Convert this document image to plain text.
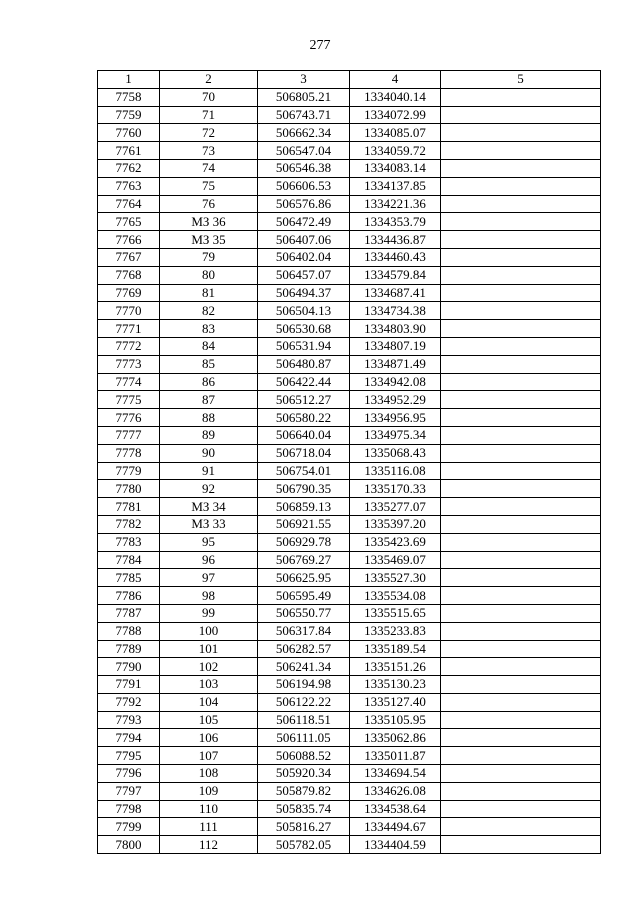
277
1	2	3	4	5
7758	70	506805.21	1334040.14	
7759	71	506743.71	1334072.99	
7760	72	506662.34	1334085.07	
7761	73	506547.04	1334059.72	
7762	74	506546.38	1334083.14	
7763	75	506606.53	1334137.85	
7764	76	506576.86	1334221.36	
7765	МЗ 36	506472.49	1334353.79	
7766	МЗ 35	506407.06	1334436.87	
7767	79	506402.04	1334460.43	
7768	80	506457.07	1334579.84	
7769	81	506494.37	1334687.41	
7770	82	506504.13	1334734.38	
7771	83	506530.68	1334803.90	
7772	84	506531.94	1334807.19	
7773	85	506480.87	1334871.49	
7774	86	506422.44	1334942.08	
7775	87	506512.27	1334952.29	
7776	88	506580.22	1334956.95	
7777	89	506640.04	1334975.34	
7778	90	506718.04	1335068.43	
7779	91	506754.01	1335116.08	
7780	92	506790.35	1335170.33	
7781	МЗ 34	506859.13	1335277.07	
7782	МЗ 33	506921.55	1335397.20	
7783	95	506929.78	1335423.69	
7784	96	506769.27	1335469.07	
7785	97	506625.95	1335527.30	
7786	98	506595.49	1335534.08	
7787	99	506550.77	1335515.65	
7788	100	506317.84	1335233.83	
7789	101	506282.57	1335189.54	
7790	102	506241.34	1335151.26	
7791	103	506194.98	1335130.23	
7792	104	506122.22	1335127.40	
7793	105	506118.51	1335105.95	
7794	106	506111.05	1335062.86	
7795	107	506088.52	1335011.87	
7796	108	505920.34	1334694.54	
7797	109	505879.82	1334626.08	
7798	110	505835.74	1334538.64	
7799	111	505816.27	1334494.67	
7800	112	505782.05	1334404.59	
